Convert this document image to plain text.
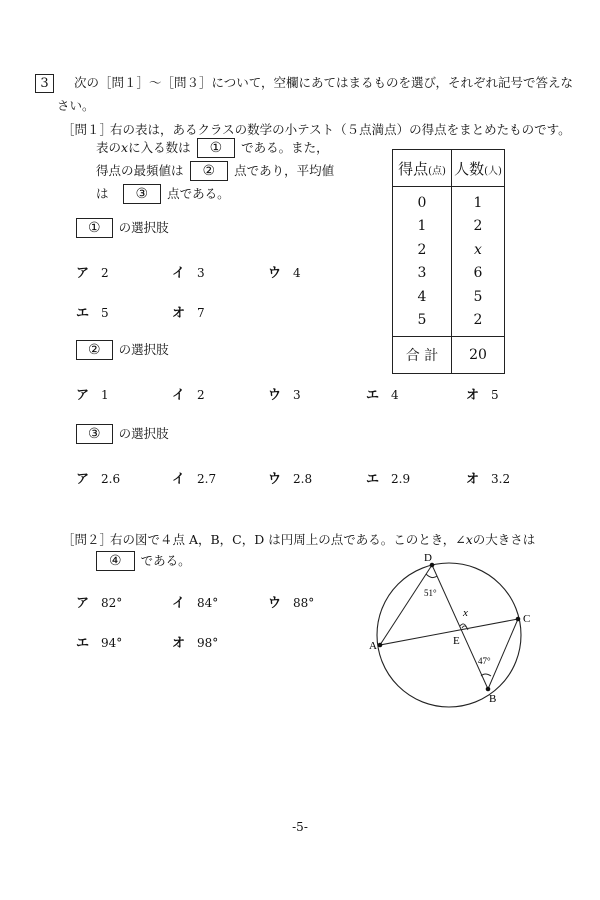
3	次の［問１］～［問３］について，空欄にあてはまるものを選び，それぞれ記号で答えな
さい。
［問１］
右の表は，あるクラスの数学の小テスト（５点満点）の得点をまとめたものです。
表のxに入る数は ① である。また，
得点の最頻値は ② 点であり，平均値
は ③ 点である。
① の選択肢
ア 2	イ 3	ウ 4
エ 5	オ 7
② の選択肢
ア 1	イ 2	ウ 3	エ 4	オ 5
③ の選択肢
ア 2.6	イ 2.7	ウ 2.8	エ 2.9	オ 3.2
得点(点)	人数(人)
0	1
1	2
2	x
3	6
4	5
5	2
合 計	20
［問２］
右の図で４点 A，B，C，D は円周上の点である。このとき，∠xの大きさは
④ である。
ア 82°	イ 84°	ウ 88°
エ 94°	オ 98°
D
A
B
C
E
51°
47°
x
-5-
